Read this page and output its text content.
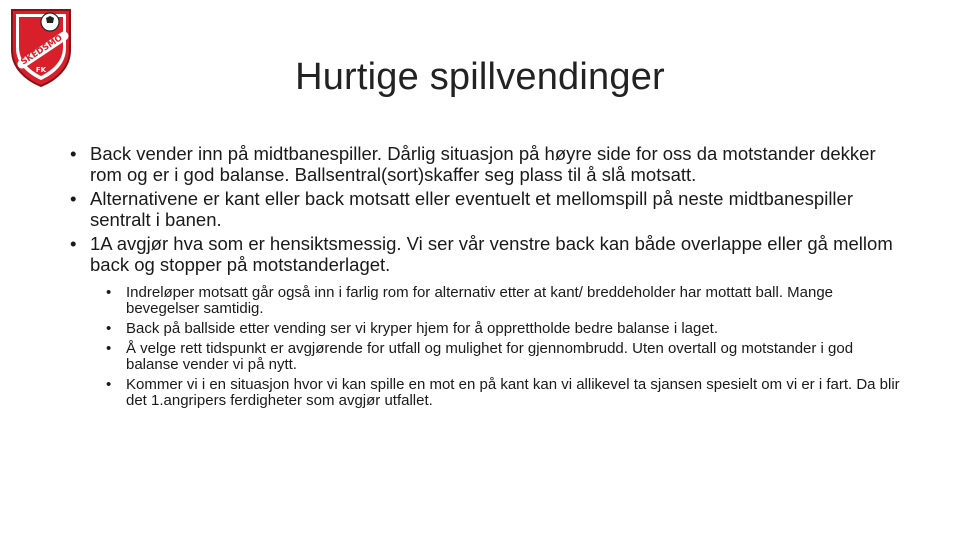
SKEDSMO
FK	Hurtige spillvendinger
• Back vender inn på midtbanespiller. Dårlig situasjon på høyre side for oss da motstander dekker rom og er i god balanse. Ballsentral(sort)skaffer seg plass til å slå motsatt.
• Alternativene er kant eller back motsatt eller eventuelt et mellomspill på neste midtbanespiller sentralt i banen.
• 1A avgjør hva som er hensiktsmessig. Vi ser vår venstre back kan både overlappe eller gå mellom back og stopper på motstanderlaget.
• Indreløper motsatt går også inn i farlig rom for alternativ etter at kant/ breddeholder har mottatt ball. Mange bevegelser samtidig.
• Back på ballside etter vending ser vi kryper hjem for å opprettholde bedre balanse i laget.
• Å velge rett tidspunkt er avgjørende for utfall og mulighet for gjennombrudd. Uten overtall og motstander i god balanse vender vi på nytt.
• Kommer vi i en situasjon hvor vi kan spille en mot en på kant kan vi allikevel ta sjansen spesielt om vi er i fart. Da blir det 1.angripers ferdigheter som avgjør utfallet.
